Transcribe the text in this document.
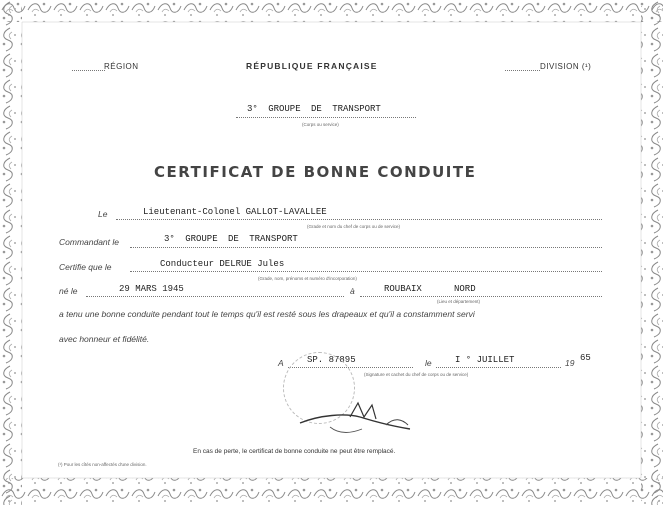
RÉGION	RÉPUBLIQUE FRANÇAISE	DIVISION (¹)
3° GROUPE DE TRANSPORT
(Corps ou service)
CERTIFICAT DE BONNE CONDUITE
Le	Lieutenant-Colonel GALLOT-LAVALLEE
(Grade et nom du chef de corps ou de service)
Commandant le	3° GROUPE DE TRANSPORT
Certifie que le	Conducteur DELRUE Jules
(Grade, nom, prénoms et numéro d'incorporation)
né le	29 MARS 1945	à	ROUBAIX	NORD
(Lieu et département)
a tenu une bonne conduite pendant tout le temps qu'il est resté sous les drapeaux et qu'il a constamment servi
avec honneur et fidélité.
A	SP. 87895	le	I ° JUILLET	19 65
(Signature et cachet du chef de corps ou de service)
En cas de perte, le certificat de bonne conduite ne peut être remplacé.
(¹) Pour les cîtés non-affectés d'une division.
